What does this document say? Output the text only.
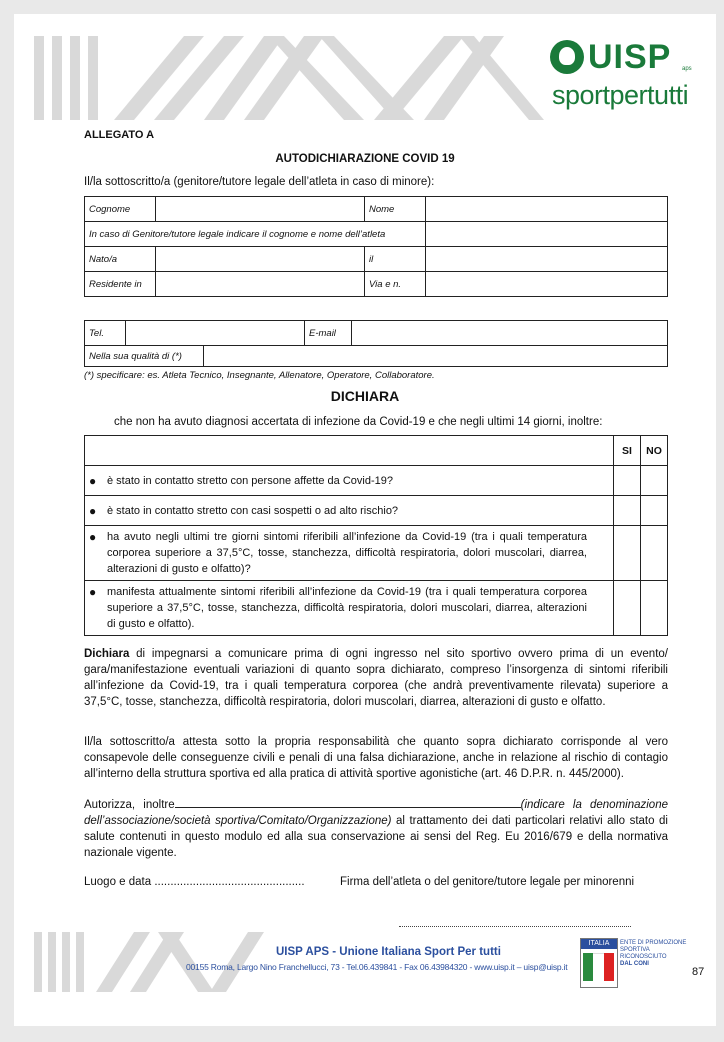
UISP aps
sportpertutti
ALLEGATO A
AUTODICHIARAZIONE COVID 19
Il/la sottoscritto/a (genitore/tutore legale dell’atleta in caso di minore):
Cognome		Nome	
In caso di Genitore/tutore legale indicare il cognome e nome dell’atleta			
Nato/a		il	
Residente in		Via e n.	
Tel.		E-mail	
Nella sua qualità di (*)	
(*) specificare: es. Atleta Tecnico, Insegnante, Allenatore, Operatore, Collaboratore.
DICHIARA
che non ha avuto diagnosi accertata di infezione da Covid-19 e che negli ultimi 14 giorni, inoltre:
	SI	NO
● è stato in contatto stretto con persone affette da Covid-19?		
● è stato in contatto stretto con casi sospetti o ad alto rischio?		
● ha avuto negli ultimi tre giorni sintomi riferibili all’infezione da Covid-19 (tra i quali temperatura corporea superiore a 37,5°C, tosse, stanchezza, difficoltà respiratoria, dolori muscolari, diarrea, alterazioni di gusto e olfatto)?		
● manifesta attualmente sintomi riferibili all’infezione da Covid-19 (tra i quali temperatura corporea superiore a 37,5°C, tosse, stanchezza, difficoltà respiratoria, dolori muscolari, diarrea, alterazioni di gusto e olfatto).		
Dichiara di impegnarsi a comunicare prima di ogni ingresso nel sito sportivo ovvero prima di un evento/ gara/manifestazione eventuali variazioni di quanto sopra dichiarato, compreso l’insorgenza di sintomi riferibili all’infezione da Covid-19, tra i quali temperatura corporea (che andrà preventivamente rilevata) superiore a 37,5°C, tosse, stanchezza, difficoltà respiratoria, dolori muscolari, diarrea, alterazioni di gusto e olfatto.
Il/la sottoscritto/a attesta sotto la propria responsabilità che quanto sopra dichiarato corrisponde al vero consapevole delle conseguenze civili e penali di una falsa dichiarazione, anche in relazione al rischio di contagio all’interno della struttura sportiva ed alla pratica di attività sportive agonistiche (art. 46 D.P.R. n. 445/2000).
Autorizza, inoltre	(indicare la denominazione dell’associazione/società sportiva/Comitato/Organizzazione) al trattamento dei dati particolari relativi allo stato di salute contenuti in questo modulo ed alla sua conservazione ai sensi del Reg. Eu 2016/679 e della normativa nazionale vigente.
Luogo e data ...............................................	Firma dell’atleta o del genitore/tutore legale per minorenni
UISP APS - Unione Italiana Sport Per tutti
00155 Roma, Largo Nino Franchellucci, 73 - Tel.06.439841 - Fax 06.43984320 - www.uisp.it – uisp@uisp.it
ITALIA	ENTE DI PROMOZIONE
SPORTIVA
RICONOSCIUTO
DAL CONI
87
